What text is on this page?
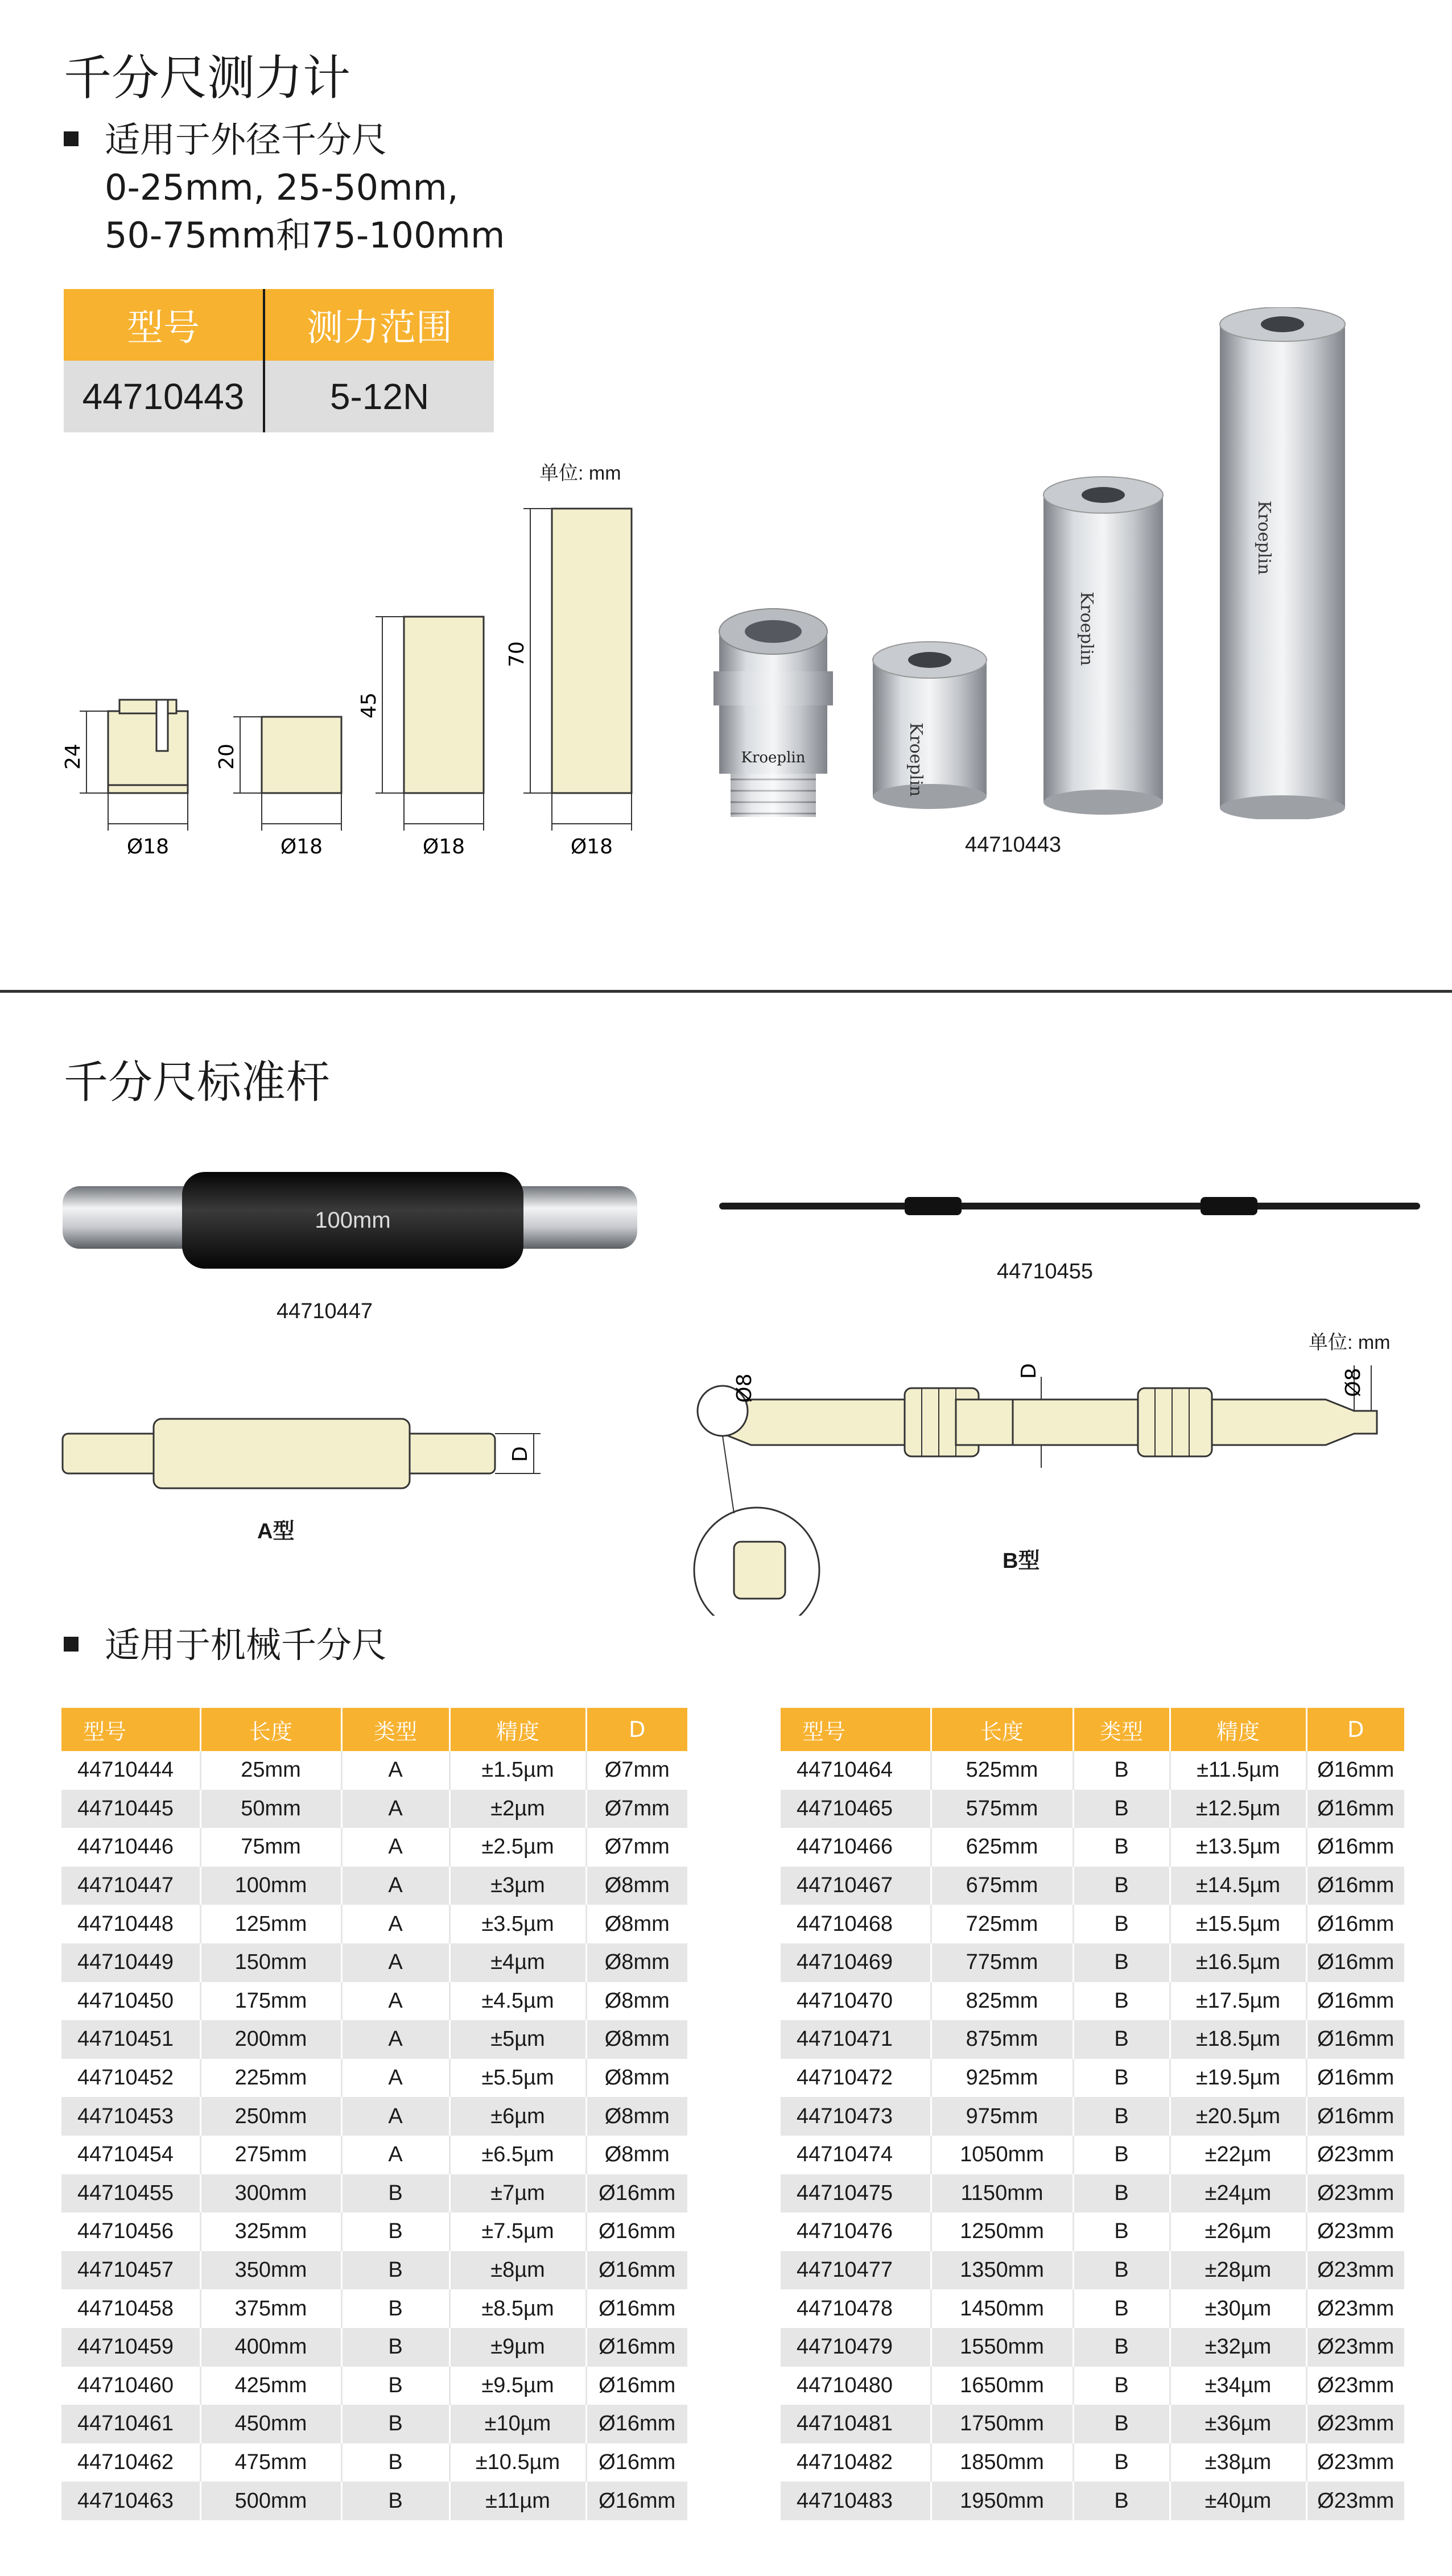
千分尺测力计
适用于外径千分尺
0-25mm, 25-50mm,
50-75mm和75-100mm
型号	测力范围
44710443	5-12N
单位: mm
24	20
45
70
Ø18	Ø18	Ø18	Ø18
Kroeplin	Kroeplin
Kroeplin
Kroeplin
44710443
千分尺标准杆
100mm
44710447
44710455
单位: mm
D
A型
D
Ø8	Ø8
B型
适用于机械千分尺
型号	长度	类型	精度	D
44710444	25mm	A	±1.5µm	Ø7mm
44710445	50mm	A	±2µm	Ø7mm
44710446	75mm	A	±2.5µm	Ø7mm
44710447	100mm	A	±3µm	Ø8mm
44710448	125mm	A	±3.5µm	Ø8mm
44710449	150mm	A	±4µm	Ø8mm
44710450	175mm	A	±4.5µm	Ø8mm
44710451	200mm	A	±5µm	Ø8mm
44710452	225mm	A	±5.5µm	Ø8mm
44710453	250mm	A	±6µm	Ø8mm
44710454	275mm	A	±6.5µm	Ø8mm
44710455	300mm	B	±7µm	Ø16mm
44710456	325mm	B	±7.5µm	Ø16mm
44710457	350mm	B	±8µm	Ø16mm
44710458	375mm	B	±8.5µm	Ø16mm
44710459	400mm	B	±9µm	Ø16mm
44710460	425mm	B	±9.5µm	Ø16mm
44710461	450mm	B	±10µm	Ø16mm
44710462	475mm	B	±10.5µm	Ø16mm
44710463	500mm	B	±11µm	Ø16mm
型号	长度	类型	精度	D
44710464	525mm	B	±11.5µm	Ø16mm
44710465	575mm	B	±12.5µm	Ø16mm
44710466	625mm	B	±13.5µm	Ø16mm
44710467	675mm	B	±14.5µm	Ø16mm
44710468	725mm	B	±15.5µm	Ø16mm
44710469	775mm	B	±16.5µm	Ø16mm
44710470	825mm	B	±17.5µm	Ø16mm
44710471	875mm	B	±18.5µm	Ø16mm
44710472	925mm	B	±19.5µm	Ø16mm
44710473	975mm	B	±20.5µm	Ø16mm
44710474	1050mm	B	±22µm	Ø23mm
44710475	1150mm	B	±24µm	Ø23mm
44710476	1250mm	B	±26µm	Ø23mm
44710477	1350mm	B	±28µm	Ø23mm
44710478	1450mm	B	±30µm	Ø23mm
44710479	1550mm	B	±32µm	Ø23mm
44710480	1650mm	B	±34µm	Ø23mm
44710481	1750mm	B	±36µm	Ø23mm
44710482	1850mm	B	±38µm	Ø23mm
44710483	1950mm	B	±40µm	Ø23mm
